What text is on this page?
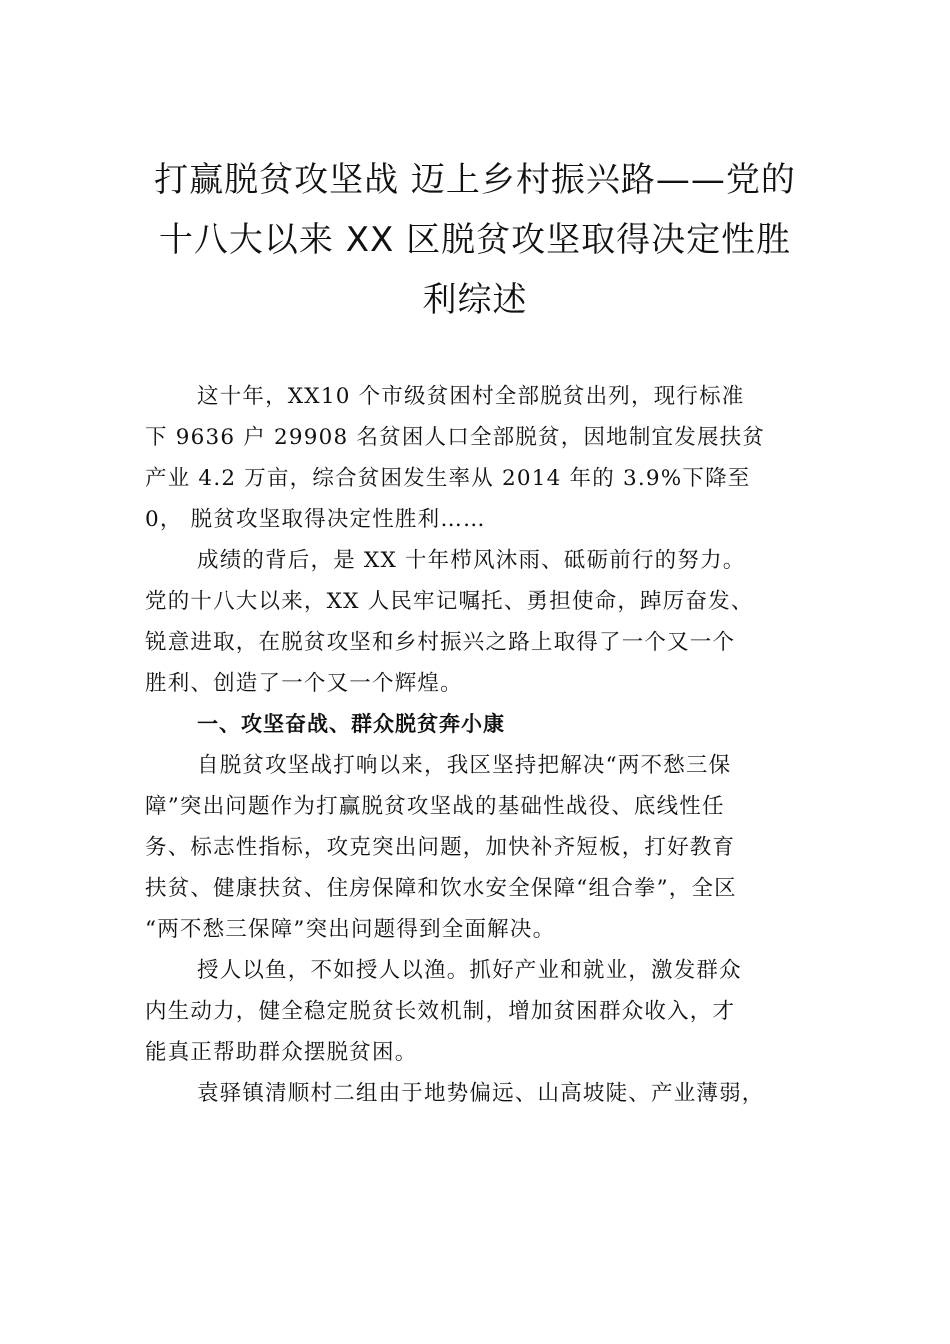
打赢脱贫攻坚战 迈上乡村振兴路——党的
十八大以来 XX 区脱贫攻坚取得决定性胜
利综述

这十年，XX10 个市级贫困村全部脱贫出列，现行标准
下 9636 户 29908 名贫困人口全部脱贫，因地制宜发展扶贫
产业 4.2 万亩，综合贫困发生率从 2014 年的 3.9%下降至
0， 脱贫攻坚取得决定性胜利……

成绩的背后，是 XX 十年栉风沐雨、砥砺前行的努力。
党的十八大以来，XX 人民牢记嘱托、勇担使命，踔厉奋发、
锐意进取，在脱贫攻坚和乡村振兴之路上取得了一个又一个
胜利、创造了一个又一个辉煌。

一、攻坚奋战、群众脱贫奔小康

自脱贫攻坚战打响以来，我区坚持把解决“两不愁三保
障”突出问题作为打赢脱贫攻坚战的基础性战役、底线性任
务、标志性指标，攻克突出问题，加快补齐短板，打好教育
扶贫、健康扶贫、住房保障和饮水安全保障“组合拳”，全区
“两不愁三保障”突出问题得到全面解决。

授人以鱼，不如授人以渔。抓好产业和就业，激发群众
内生动力，健全稳定脱贫长效机制，增加贫困群众收入，才
能真正帮助群众摆脱贫困。

袁驿镇清顺村二组由于地势偏远、山高坡陡、产业薄弱，
